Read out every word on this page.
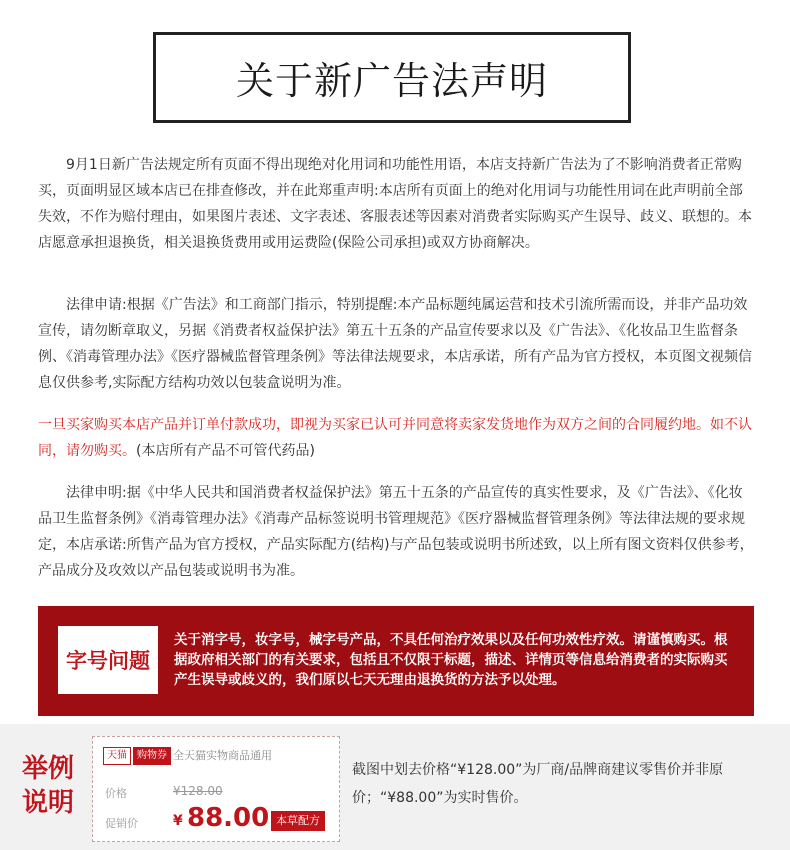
关于新广告法声明

9月1日新广告法规定所有页面不得出现绝对化用词和功能性用语，本店支持新广告法为了不影响消费者正常购买，页面明显区域本店已在排查修改，并在此郑重声明:本店所有页面上的绝对化用词与功能性用词在此声明前全部失效，不作为赔付理由，如果图片表述、文字表述、客服表述等因素对消费者实际购买产生误导、歧义、联想的。本店愿意承担退换货，相关退换货费用或用运费险(保险公司承担)或双方协商解决。

法律申请:根据《广告法》和工商部门指示，特别提醒:本产品标题纯属运营和技术引流所需而设，并非产品功效宣传，请勿断章取义，另据《消费者权益保护法》第五十五条的产品宣传要求以及《广告法》、《化妆品卫生监督条例、《消毒管理办法》《医疗器械监督管理条例》等法律法规要求，本店承诺，所有产品为官方授权，本页图文视频信息仅供参考,实际配方结构功效以包装盒说明为准。

一旦买家购买本店产品并订单付款成功，即视为买家已认可并同意将卖家发货地作为双方之间的合同履约地。如不认同，请勿购买。(本店所有产品不可管代药品)

法律申明:据《中华人民共和国消费者权益保护法》第五十五条的产品宣传的真实性要求，及《广告法》、《化妆品卫生监督条例》《消毒管理办法》《消毒产品标签说明书管理规范》《医疗器械监督管理条例》等法律法规的要求规定，本店承诺:所售产品为官方授权，产品实际配方(结构)与产品包装或说明书所述致，以上所有图文资料仅供参考，产品成分及攻效以产品包装或说明书为准。

字号问题

关于消字号，妆字号，械字号产品，不具任何治疗效果以及任何功效性疗效。请谨慎购买。根据政府相关部门的有关要求，包括且不仅限于标题，描述、详情页等信息给消费者的实际购买产生误导或歧义的，我们原以七天无理由退换货的方法予以处理。

举例
说明
天猫	购物券 全天猫实物商品通用
价格	¥128.00
促销价	¥ 88.00 本草配方

截图中划去价格“¥128.00”为厂商/品牌商建议零售价并非原价；“¥88.00”为实时售价。
